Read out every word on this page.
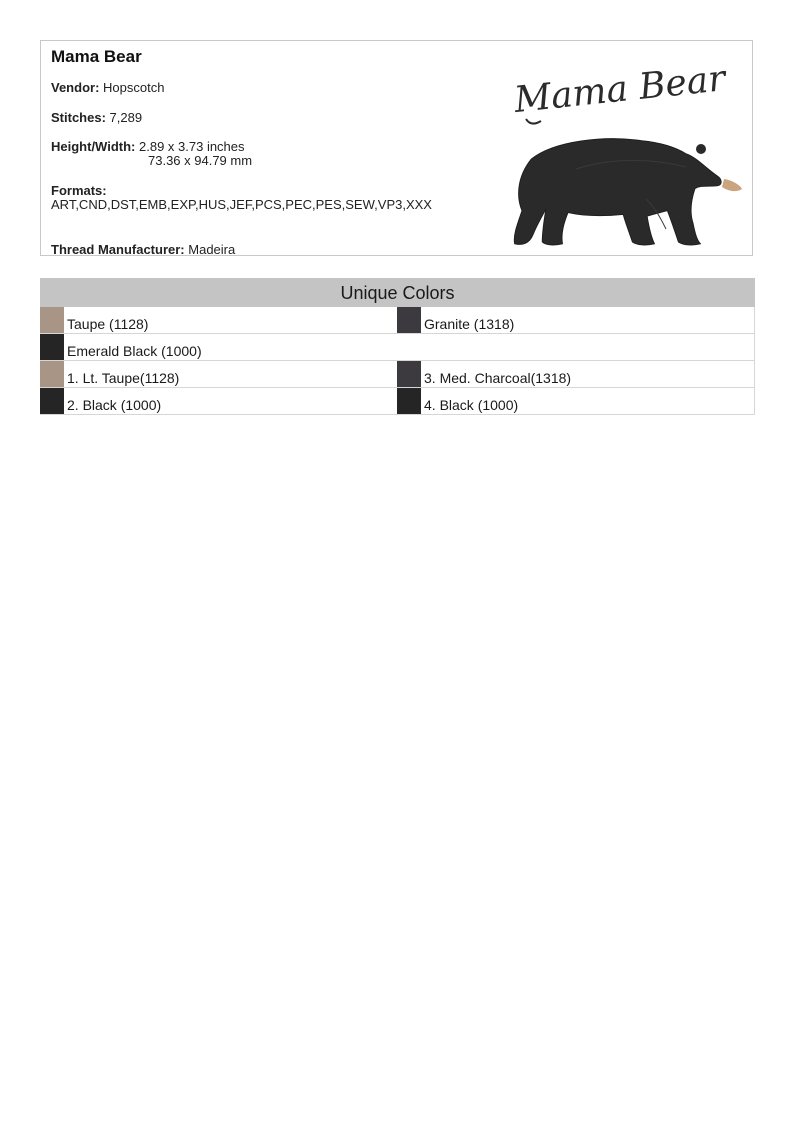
Mama Bear
Vendor: Hopscotch
Stitches: 7,289
Height/Width: 2.89 x 3.73 inches
73.36 x 94.79 mm
Formats:
ART,CND,DST,EMB,EXP,HUS,JEF,PCS,PEC,PES,SEW,VP3,XXX
Thread Manufacturer: Madeira
Mama Bear
Unique Colors
Taupe (1128)	Granite (1318)
Emerald Black (1000)
1. Lt. Taupe(1128)	3. Med. Charcoal(1318)
2. Black (1000)	4. Black (1000)
